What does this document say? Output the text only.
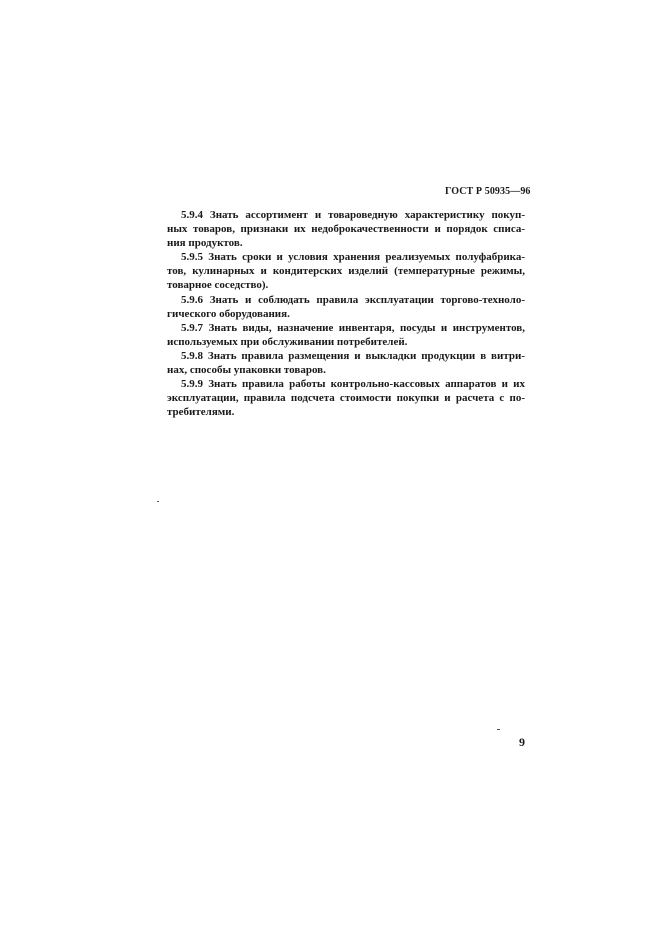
ГОСТ Р 50935—96

5.9.4 Знать ассортимент и товароведную характеристику покуп-
ных товаров, признаки их недоброкачественности и порядок списа-
ния продуктов.

5.9.5 Знать сроки и условия хранения реализуемых полуфабрика-
тов, кулинарных и кондитерских изделий (температурные режимы,
товарное соседство).

5.9.6 Знать и соблюдать правила эксплуатации торгово-техноло-
гического оборудования.

5.9.7 Знать виды, назначение инвентаря, посуды и инструментов,
используемых при обслуживании потребителей.

5.9.8 Знать правила размещения и выкладки продукции в витри-
нах, способы упаковки товаров.

5.9.9 Знать правила работы контрольно-кассовых аппаратов и их
эксплуатации, правила подсчета стоимости покупки и расчета с по-
требителями.

9
